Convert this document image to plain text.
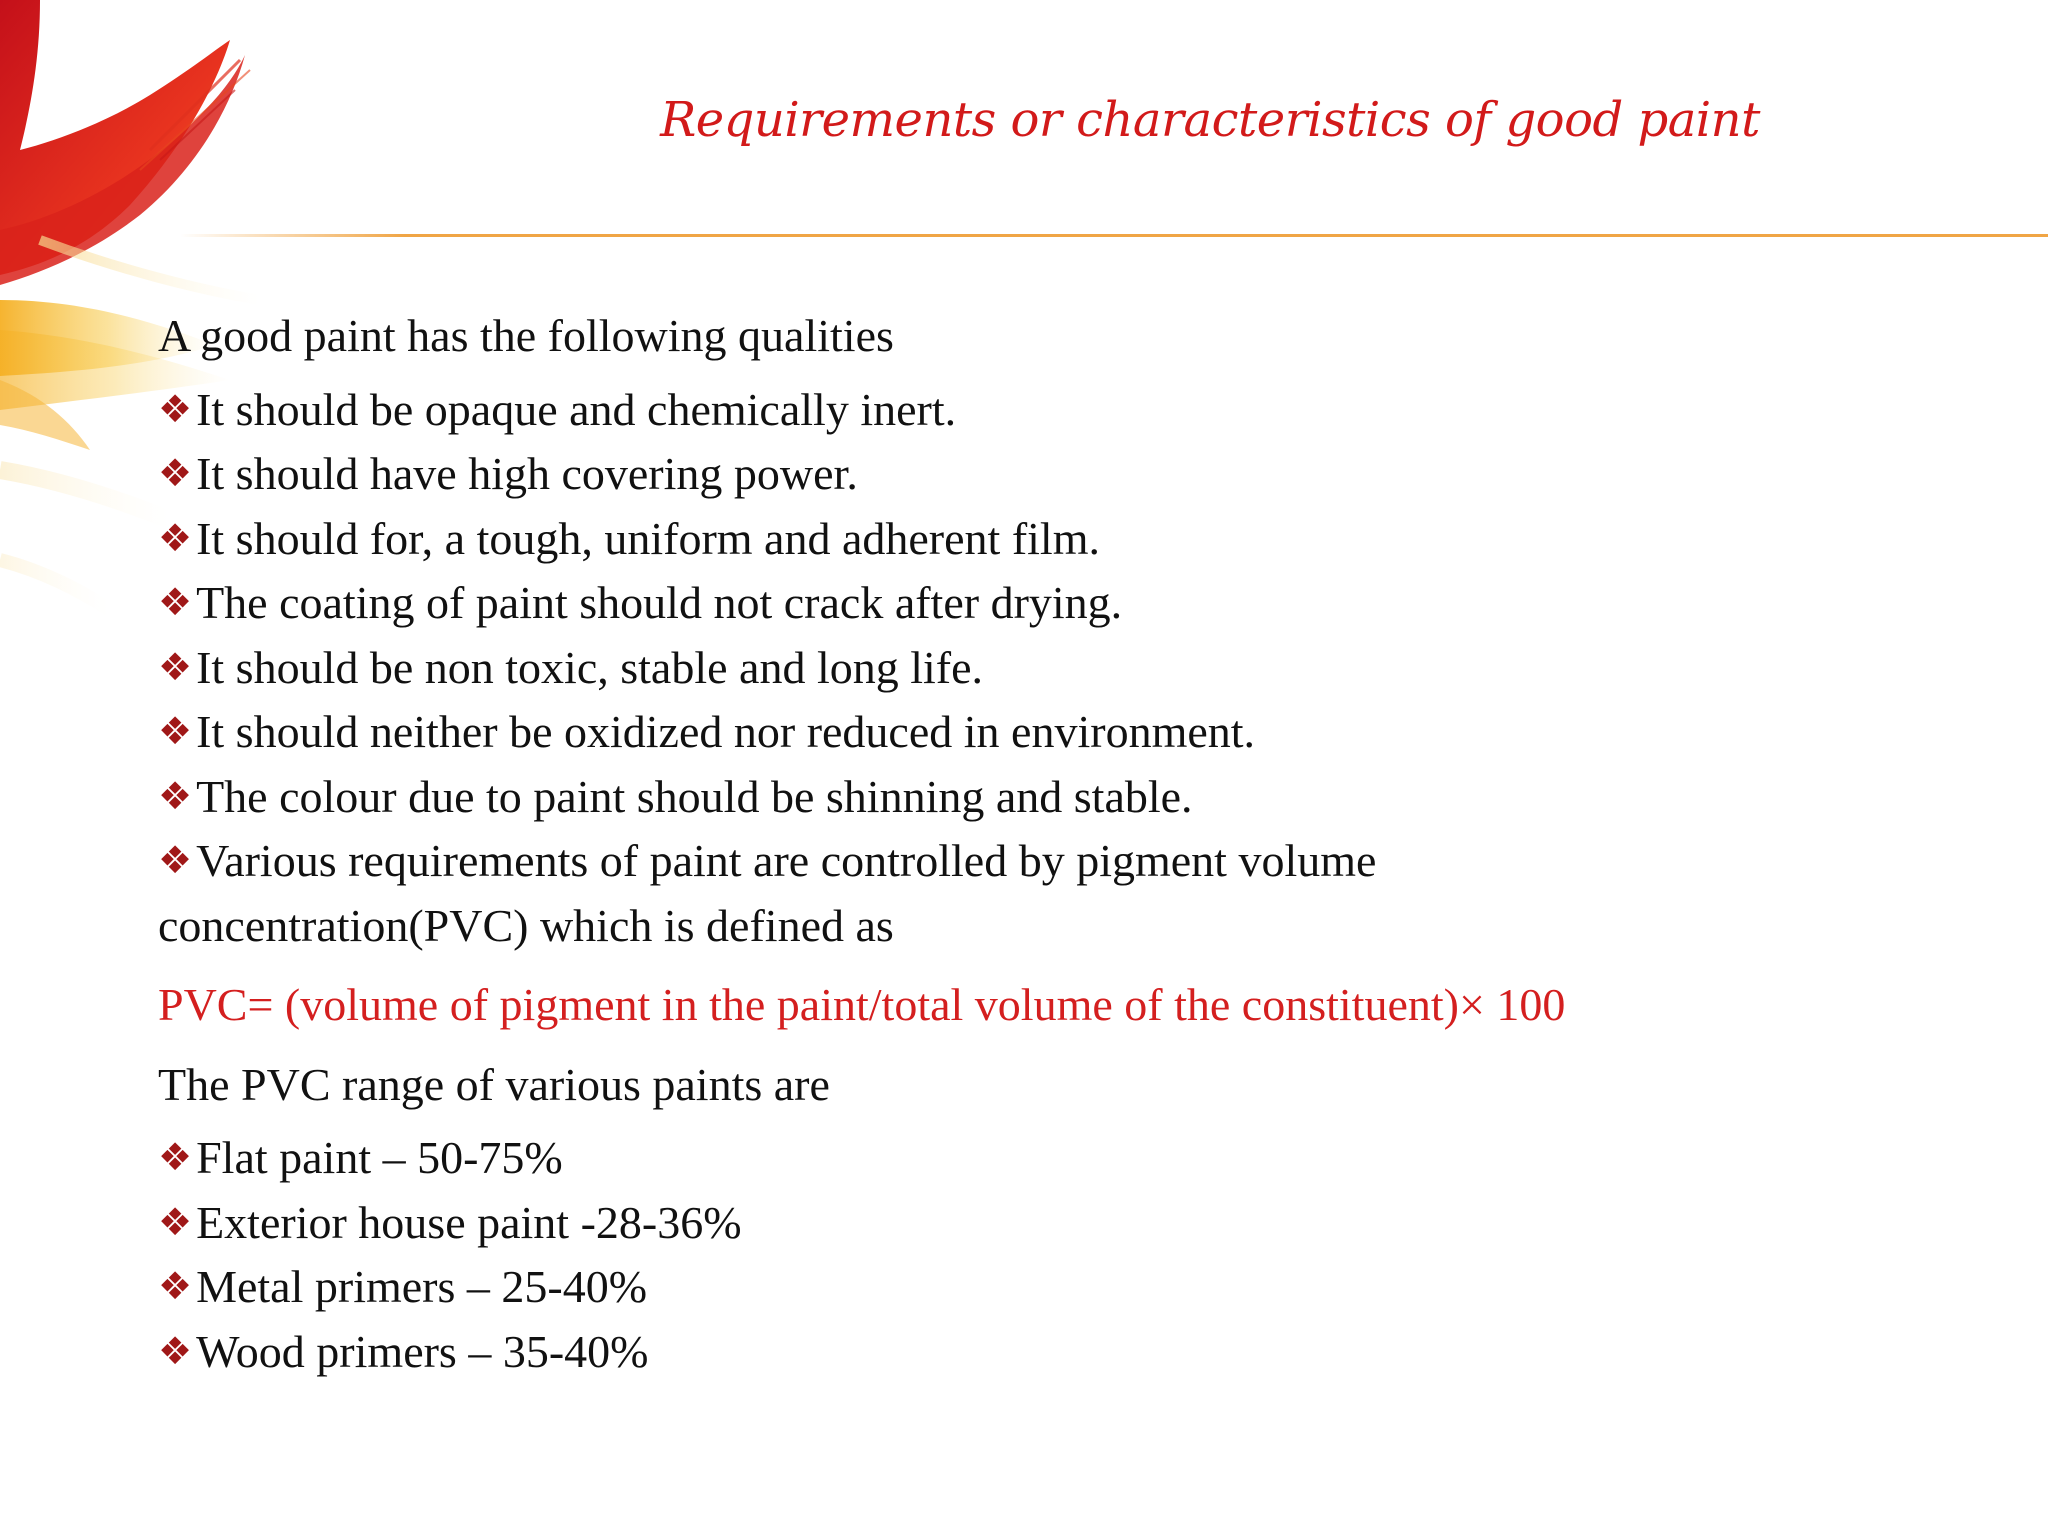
Requirements or characteristics of good paint
A good paint has the following qualities
❖It should be opaque and chemically inert.
❖It should have high covering power.
❖It should for, a tough, uniform and adherent film.
❖The coating of paint should not crack after drying.
❖It should be non toxic, stable and long life.
❖It should neither be oxidized nor reduced in environment.
❖The colour due to paint should be shinning and stable.
❖Various requirements of paint are controlled by pigment volume
concentration(PVC) which is defined as
PVC= (volume of pigment in the paint/total volume of the constituent)× 100
The PVC range of various paints are
❖Flat paint – 50-75%
❖Exterior house paint -28-36%
❖Metal primers – 25-40%
❖Wood primers – 35-40%
